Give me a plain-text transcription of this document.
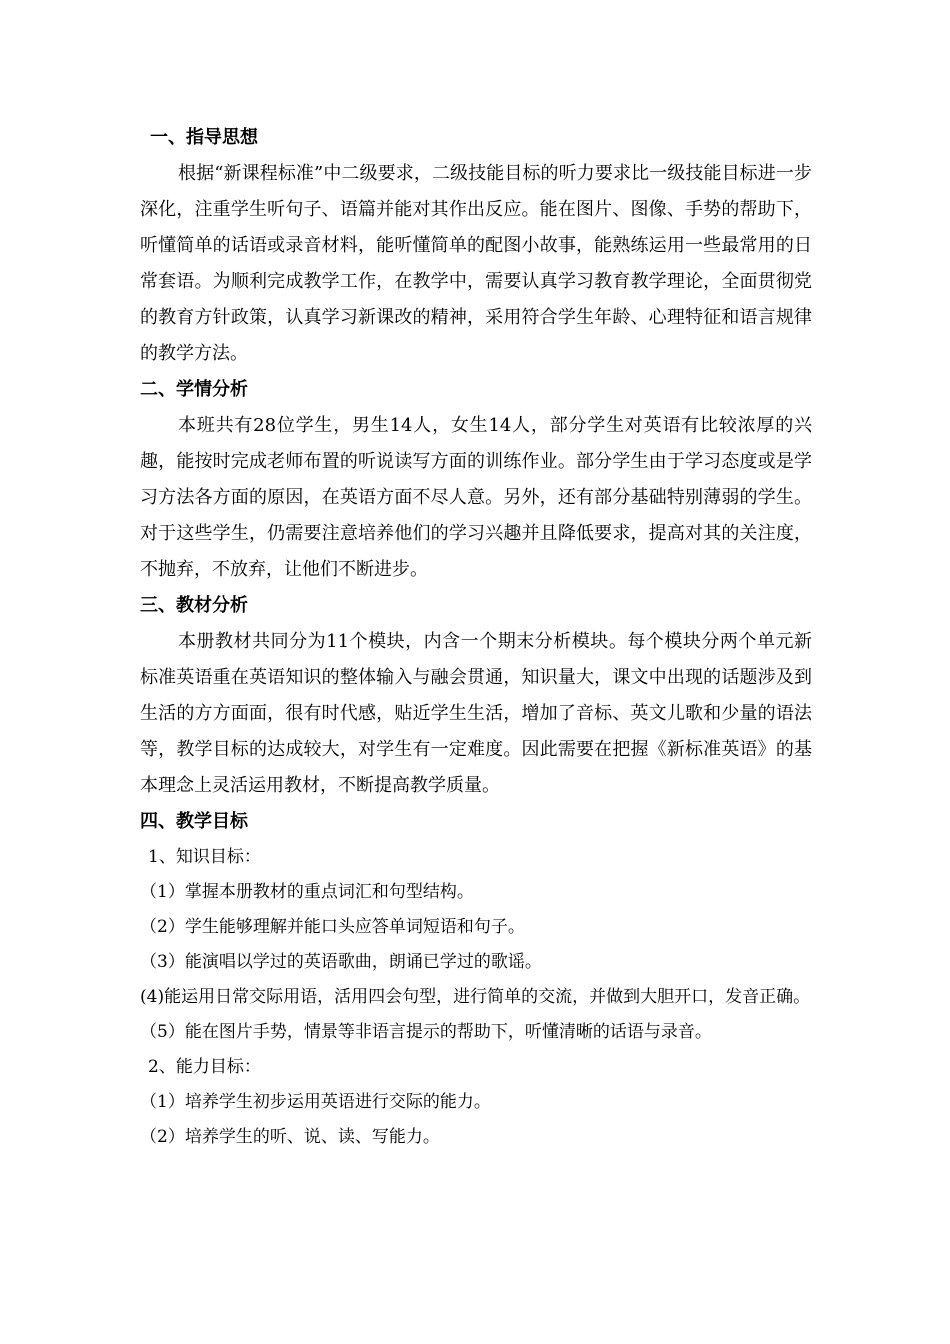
一、指导思想

根据“新课程标准”中二级要求，二级技能目标的听力要求比一级技能目标进一步深化，注重学生听句子、语篇并能对其作出反应。能在图片、图像、手势的帮助下，听懂简单的话语或录音材料，能听懂简单的配图小故事，能熟练运用一些最常用的日常套语。为顺利完成教学工作，在教学中，需要认真学习教育教学理论，全面贯彻党的教育方针政策，认真学习新课改的精神，采用符合学生年龄、心理特征和语言规律的教学方法。

二、学情分析

本班共有28位学生，男生14人，女生14人，部分学生对英语有比较浓厚的兴趣，能按时完成老师布置的听说读写方面的训练作业。部分学生由于学习态度或是学习方法各方面的原因，在英语方面不尽人意。另外，还有部分基础特别薄弱的学生。对于这些学生，仍需要注意培养他们的学习兴趣并且降低要求，提高对其的关注度，不抛弃，不放弃，让他们不断进步。

三、教材分析

本册教材共同分为11个模块，内含一个期末分析模块。每个模块分两个单元新标准英语重在英语知识的整体输入与融会贯通，知识量大，课文中出现的话题涉及到生活的方方面面，很有时代感，贴近学生生活，增加了音标、英文儿歌和少量的语法等，教学目标的达成较大，对学生有一定难度。因此需要在把握《新标准英语》的基本理念上灵活运用教材，不断提高教学质量。

四、教学目标

1、知识目标：

（1）掌握本册教材的重点词汇和句型结构。

（2）学生能够理解并能口头应答单词短语和句子。

（3）能演唱以学过的英语歌曲，朗诵已学过的歌谣。

(4)能运用日常交际用语，活用四会句型，进行简单的交流，并做到大胆开口，发音正确。

（5）能在图片手势，情景等非语言提示的帮助下，听懂清晰的话语与录音。

2、能力目标：

（1）培养学生初步运用英语进行交际的能力。

（2）培养学生的听、说、读、写能力。
